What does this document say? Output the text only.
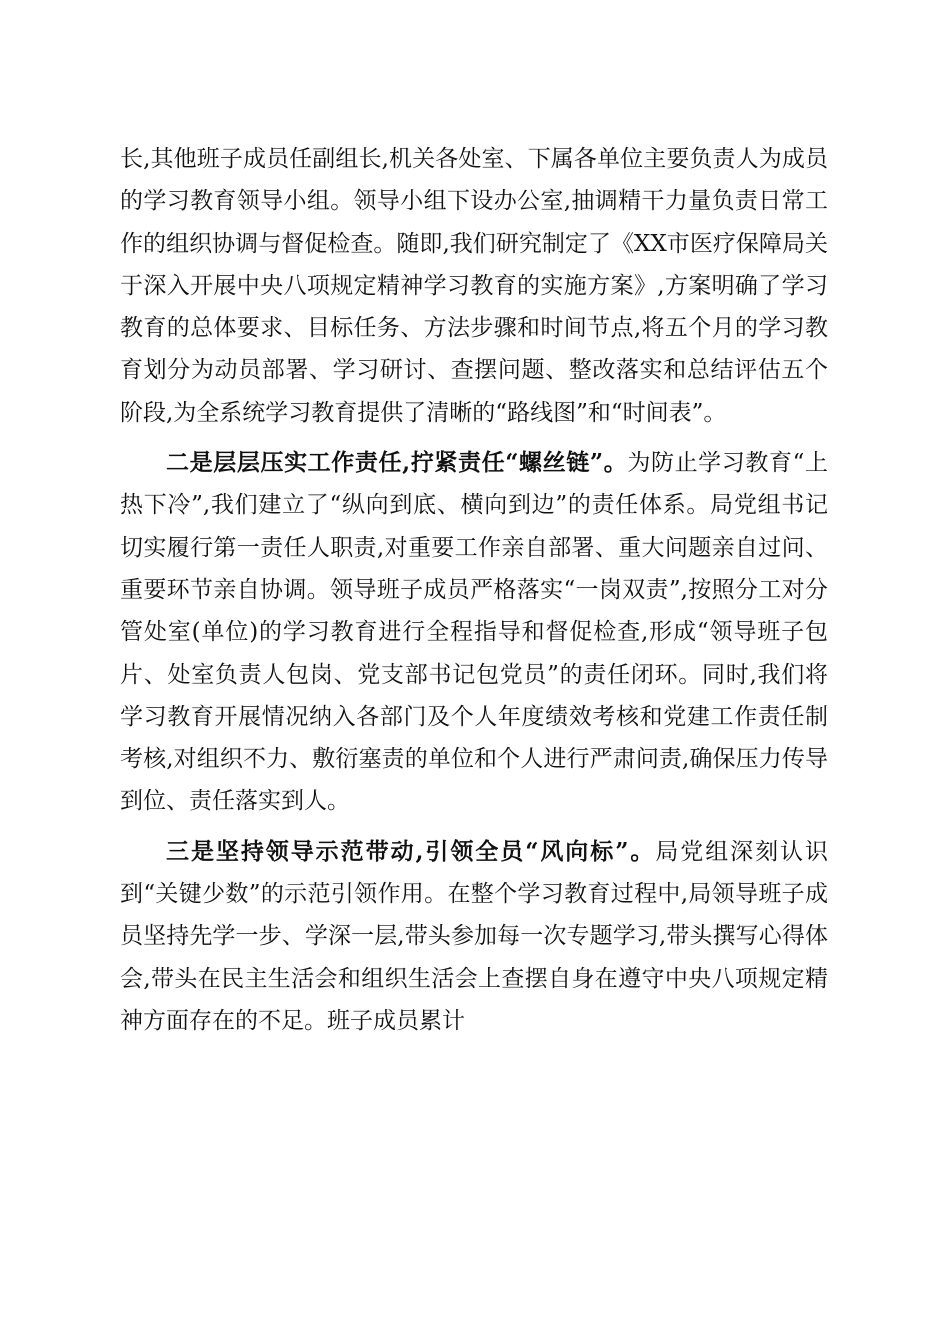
长,其他班子成员任副组长,机关各处室、下属各单位主要负责人为成员的学习教育领导小组。领导小组下设办公室,抽调精干力量负责日常工作的组织协调与督促检查。随即,我们研究制定了《XX市医疗保障局关于深入开展中央八项规定精神学习教育的实施方案》,方案明确了学习教育的总体要求、目标任务、方法步骤和时间节点,将五个月的学习教育划分为动员部署、学习研讨、查摆问题、整改落实和总结评估五个阶段,为全系统学习教育提供了清晰的“路线图”和“时间表”。

二是层层压实工作责任,拧紧责任“螺丝链”。为防止学习教育“上热下冷”,我们建立了“纵向到底、横向到边”的责任体系。局党组书记切实履行第一责任人职责,对重要工作亲自部署、重大问题亲自过问、重要环节亲自协调。领导班子成员严格落实“一岗双责”,按照分工对分管处室(单位)的学习教育进行全程指导和督促检查,形成“领导班子包片、处室负责人包岗、党支部书记包党员”的责任闭环。同时,我们将学习教育开展情况纳入各部门及个人年度绩效考核和党建工作责任制考核,对组织不力、敷衍塞责的单位和个人进行严肃问责,确保压力传导到位、责任落实到人。

三是坚持领导示范带动,引领全员“风向标”。局党组深刻认识到“关键少数”的示范引领作用。在整个学习教育过程中,局领导班子成员坚持先学一步、学深一层,带头参加每一次专题学习,带头撰写心得体会,带头在民主生活会和组织生活会上查摆自身在遵守中央八项规定精神方面存在的不足。班子成员累计
